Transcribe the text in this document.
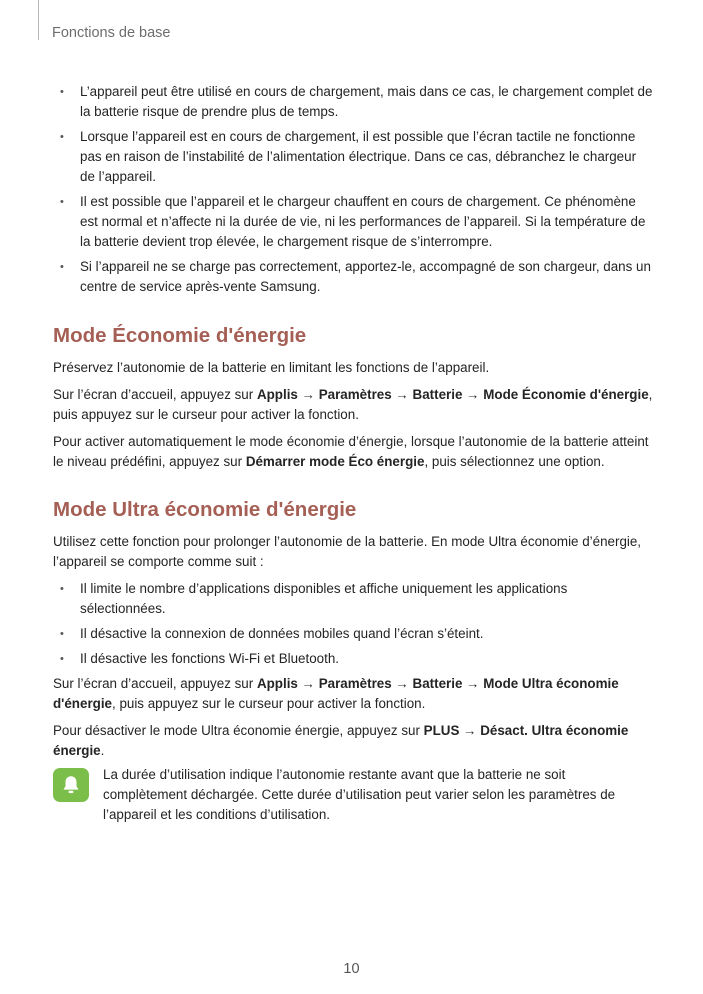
Fonctions de base
• L’appareil peut être utilisé en cours de chargement, mais dans ce cas, le chargement complet de la batterie risque de prendre plus de temps.
• Lorsque l’appareil est en cours de chargement, il est possible que l’écran tactile ne fonctionne pas en raison de l’instabilité de l’alimentation électrique. Dans ce cas, débranchez le chargeur de l’appareil.
• Il est possible que l’appareil et le chargeur chauffent en cours de chargement. Ce phénomène est normal et n’affecte ni la durée de vie, ni les performances de l’appareil. Si la température de la batterie devient trop élevée, le chargement risque de s’interrompre.
• Si l’appareil ne se charge pas correctement, apportez-le, accompagné de son chargeur, dans un centre de service après-vente Samsung.
Mode Économie d'énergie

Préservez l’autonomie de la batterie en limitant les fonctions de l’appareil.

Sur l’écran d’accueil, appuyez sur Applis → Paramètres → Batterie → Mode Économie d'énergie, puis appuyez sur le curseur pour activer la fonction.

Pour activer automatiquement le mode économie d’énergie, lorsque l’autonomie de la batterie atteint le niveau prédéfini, appuyez sur Démarrer mode Éco énergie, puis sélectionnez une option.

Mode Ultra économie d'énergie

Utilisez cette fonction pour prolonger l’autonomie de la batterie. En mode Ultra économie d’énergie, l’appareil se comporte comme suit :

• Il limite le nombre d’applications disponibles et affiche uniquement les applications sélectionnées.
• Il désactive la connexion de données mobiles quand l’écran s’éteint.
• Il désactive les fonctions Wi-Fi et Bluetooth.

Sur l’écran d’accueil, appuyez sur Applis → Paramètres → Batterie → Mode Ultra économie d'énergie, puis appuyez sur le curseur pour activer la fonction.

Pour désactiver le mode Ultra économie énergie, appuyez sur PLUS → Désact. Ultra économie énergie.

La durée d’utilisation indique l’autonomie restante avant que la batterie ne soit complètement déchargée. Cette durée d’utilisation peut varier selon les paramètres de l’appareil et les conditions d’utilisation.
10
